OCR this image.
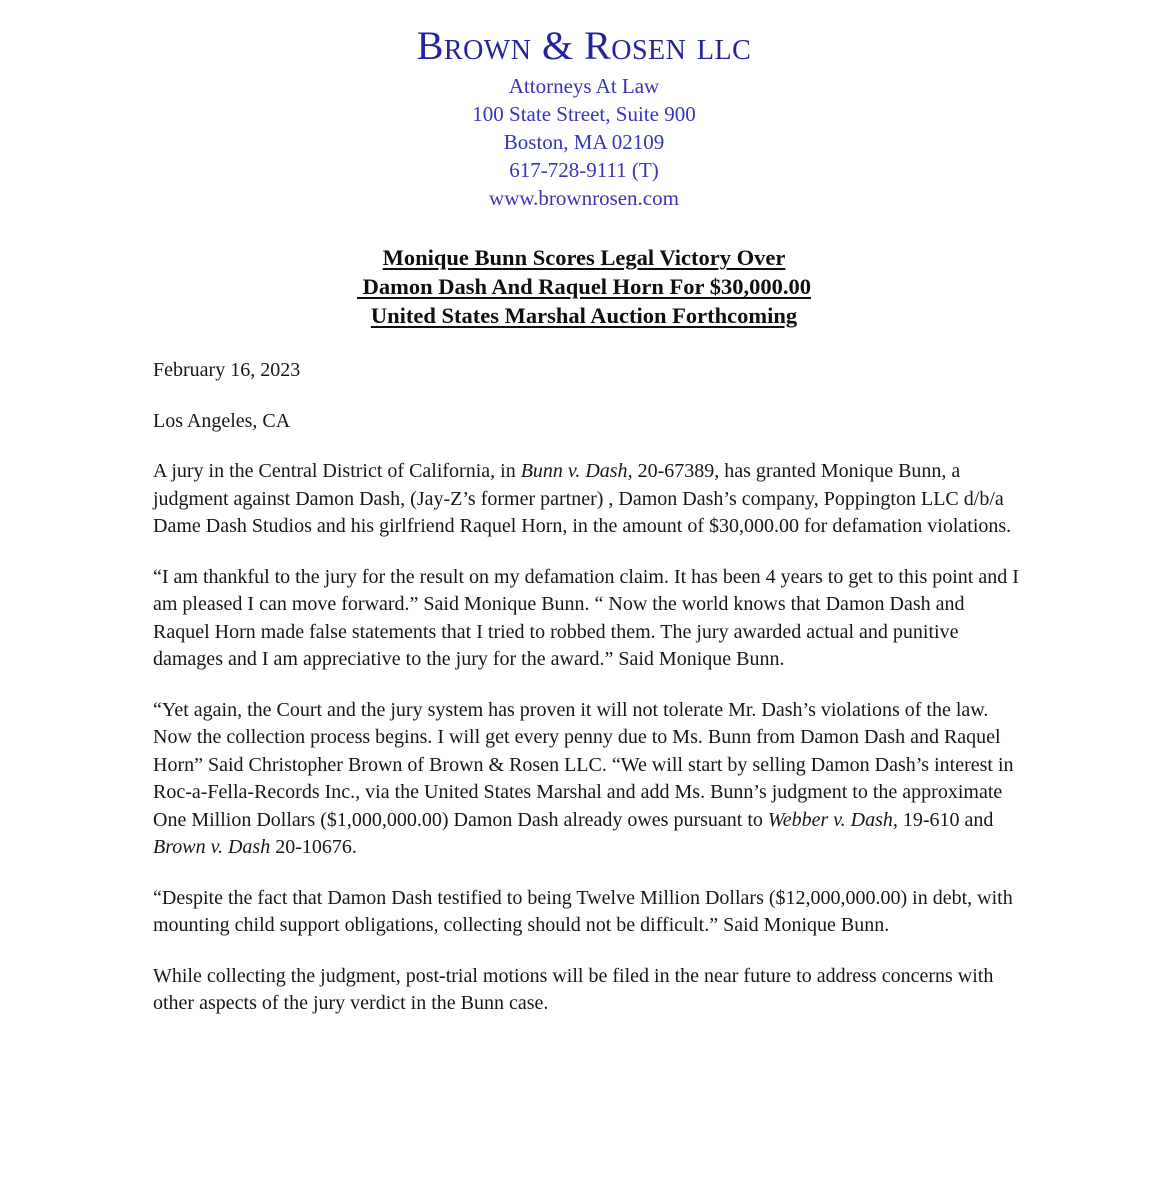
Brown & Rosen llc
Attorneys At Law
100 State Street, Suite 900
Boston, MA 02109
617-728-9111 (T)
www.brownrosen.com
Monique Bunn Scores Legal Victory Over
Damon Dash And Raquel Horn For $30,000.00
United States Marshal Auction Forthcoming

February 16, 2023

Los Angeles, CA

A jury in the Central District of California, in Bunn v. Dash, 20-67389, has granted Monique Bunn, a judgment against Damon Dash, (Jay-Z’s former partner) , Damon Dash’s company, Poppington LLC d/b/a Dame Dash Studios and his girlfriend Raquel Horn, in the amount of $30,000.00 for defamation violations.

“I am thankful to the jury for the result on my defamation claim. It has been 4 years to get to this point and I am pleased I can move forward.” Said Monique Bunn. “ Now the world knows that Damon Dash and Raquel Horn made false statements that I tried to robbed them. The jury awarded actual and punitive damages and I am appreciative to the jury for the award.” Said Monique Bunn.

“Yet again, the Court and the jury system has proven it will not tolerate Mr. Dash’s violations of the law. Now the collection process begins. I will get every penny due to Ms. Bunn from Damon Dash and Raquel Horn” Said Christopher Brown of Brown & Rosen LLC. “We will start by selling Damon Dash’s interest in Roc-a-Fella-Records Inc., via the United States Marshal and add Ms. Bunn’s judgment to the approximate One Million Dollars ($1,000,000.00) Damon Dash already owes pursuant to Webber v. Dash, 19-610 and Brown v. Dash 20-10676.

“Despite the fact that Damon Dash testified to being Twelve Million Dollars ($12,000,000.00) in debt, with mounting child support obligations, collecting should not be difficult.” Said Monique Bunn.

While collecting the judgment, post-trial motions will be filed in the near future to address concerns with other aspects of the jury verdict in the Bunn case.
